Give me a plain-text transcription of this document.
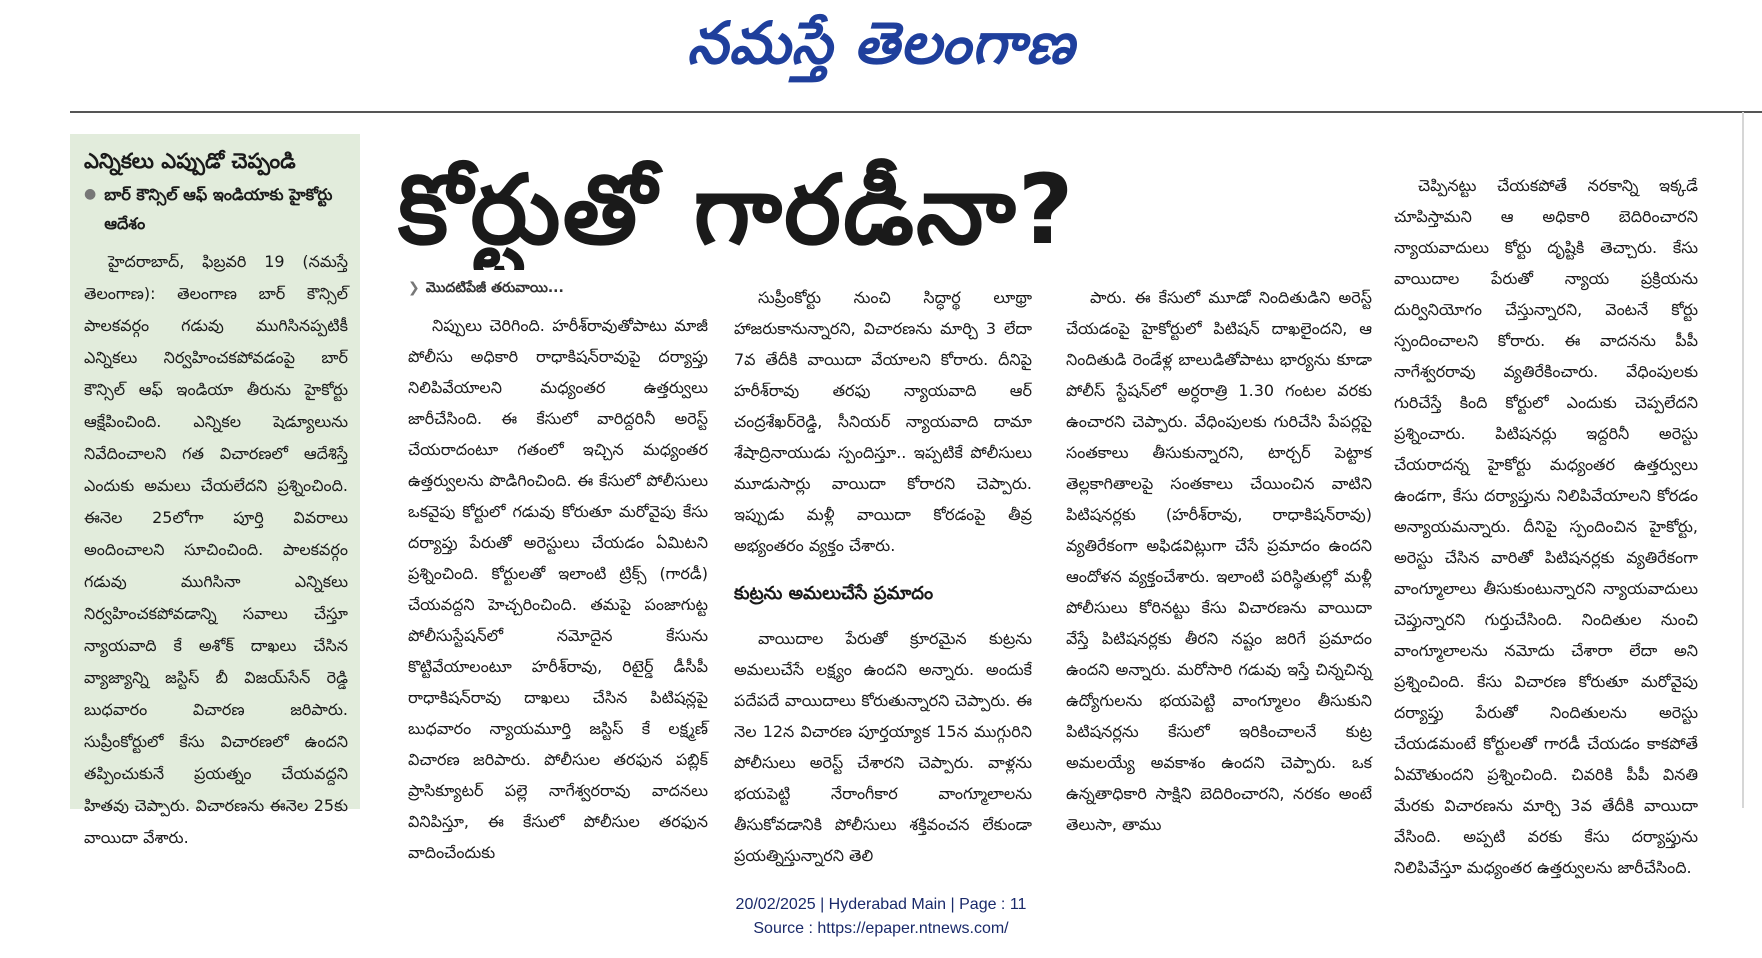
నమస్తే తెలంగాణ
ఎన్నికలు ఎప్పుడో చెప్పండి
● బార్‌ కౌన్సిల్‌ ఆఫ్‌ ఇండియాకు హైకోర్టు ఆదేశం
హైదరాబాద్‌, ఫిబ్రవరి 19 (నమస్తే తెలంగాణ): తెలంగాణ బార్‌ కౌన్సిల్‌ పాలకవర్గం గడువు ముగిసినప్పటికీ ఎన్నికలు నిర్వహించకపోవడంపై బార్‌ కౌన్సిల్‌ ఆఫ్‌ ఇండియా తీరును హైకోర్టు ఆక్షేపించింది. ఎన్నికల షెడ్యూలును నివేదించాలని గత విచారణలో ఆదేశిస్తే ఎందుకు అమలు చేయలేదని ప్రశ్నించింది. ఈనెల 25లోగా పూర్తి వివరాలు అందించాలని సూచించింది. పాలకవర్గం గడువు ముగిసినా ఎన్నికలు నిర్వహించకపోవడాన్ని సవాలు చేస్తూ న్యాయవాది కే అశోక్‌ దాఖలు చేసిన వ్యాజ్యాన్ని జస్టిస్‌ బీ విజయ్‌సేన్‌ రెడ్డి బుధవారం విచారణ జరిపారు. సుప్రీంకోర్టులో కేసు విచారణలో ఉందని తప్పించుకునే ప్రయత్నం చేయవద్దని హితవు చెప్పారు. విచారణను ఈనెల 25కు వాయిదా వేశారు.
కోర్టుతో గారడీనా?
❯ మొదటిపేజీ తరువాయి...

నిప్పులు చెరిగింది. హరీశ్‌రావుతోపాటు మాజీ పోలీసు అధికారి రాధాకిషన్‌రావుపై దర్యాప్తు నిలిపివేయాలని మధ్యంతర ఉత్తర్వులు జారీచేసింది. ఈ కేసులో వారిద్దరినీ అరెస్ట్‌ చేయరాదంటూ గతంలో ఇచ్చిన మధ్యంతర ఉత్తర్వులను పొడిగించింది. ఈ కేసులో పోలీసులు ఒకవైపు కోర్టులో గడువు కోరుతూ మరోవైపు కేసు దర్యాప్తు పేరుతో అరెస్టులు చేయడం ఏమిటని ప్రశ్నించింది. కోర్టులతో ఇలాంటి ట్రిక్స్‌ (గారడీ) చేయవద్దని హెచ్చరించింది. తమపై పంజాగుట్ట పోలీసుస్టేషన్‌లో నమోదైన కేసును కొట్టివేయాలంటూ హరీశ్‌రావు, రిటైర్డ్‌ డీసీపీ రాధాకిషన్‌రావు దాఖలు చేసిన పిటిషన్లపై బుధవారం న్యాయమూర్తి జస్టిస్‌ కే లక్ష్మణ్‌ విచారణ జరిపారు. పోలీసుల తరఫున పబ్లిక్‌ ప్రాసిక్యూటర్‌ పల్లె నాగేశ్వరరావు వాదనలు వినిపిస్తూ, ఈ కేసులో పోలీసుల తరఫున వాదించేందుకు

సుప్రీంకోర్టు నుంచి సిద్ధార్థ లూథ్రా హాజరుకానున్నారని, విచారణను మార్చి 3 లేదా 7వ తేదీకి వాయిదా వేయాలని కోరారు. దీనిపై హరీశ్‌రావు తరఫు న్యాయవాది ఆర్‌ చంద్రశేఖర్‌రెడ్డి, సీనియర్‌ న్యాయవాది దామా శేషాద్రినాయుడు స్పందిస్తూ.. ఇప్పటికే పోలీసులు మూడుసార్లు వాయిదా కోరారని చెప్పారు. ఇప్పుడు మళ్లీ వాయిదా కోరడంపై తీవ్ర అభ్యంతరం వ్యక్తం చేశారు.

కుట్రను అమలుచేసే ప్రమాదం

వాయిదాల పేరుతో క్రూరమైన కుట్రను అమలుచేసే లక్ష్యం ఉందని అన్నారు. అందుకే పదేపదే వాయిదాలు కోరుతున్నారని చెప్పారు. ఈ నెల 12న విచారణ పూర్తయ్యాక 15న ముగ్గురిని పోలీసులు అరెస్ట్‌ చేశారని చెప్పారు. వాళ్లను భయపెట్టి నేరాంగీకార వాంగ్మూలాలను తీసుకోవడానికి పోలీసులు శక్తివంచన లేకుండా ప్రయత్నిస్తున్నారని తెలి

పారు. ఈ కేసులో మూడో నిందితుడిని అరెస్ట్‌ చేయడంపై హైకోర్టులో పిటిషన్‌ దాఖలైందని, ఆ నిందితుడి రెండేళ్ల బాలుడితోపాటు భార్యను కూడా పోలీస్‌ స్టేషన్‌లో అర్ధరాత్రి 1.30 గంటల వరకు ఉంచారని చెప్పారు. వేధింపులకు గురిచేసి పేపర్లపై సంతకాలు తీసుకున్నారని, టార్చర్‌ పెట్టాక తెల్లకాగితాలపై సంతకాలు చేయించిన వాటిని పిటిషనర్లకు (హరీశ్‌రావు, రాధాకిషన్‌రావు) వ్యతిరేకంగా అఫిడవిట్లుగా చేసే ప్రమాదం ఉందని ఆందోళన వ్యక్తంచేశారు. ఇలాంటి పరిస్థితుల్లో మళ్లీ పోలీసులు కోరినట్టు కేసు విచారణను వాయిదా వేస్తే పిటిషనర్లకు తీరని నష్టం జరిగే ప్రమాదం ఉందని అన్నారు. మరోసారి గడువు ఇస్తే చిన్నచిన్న ఉద్యోగులను భయపెట్టి వాంగ్మూలం తీసుకుని పిటిషనర్లను కేసులో ఇరికించాలనే కుట్ర అమలయ్యే అవకాశం ఉందని చెప్పారు. ఒక ఉన్నతాధికారి సాక్షిని బెదిరించారని, నరకం అంటే తెలుసా, తాము

చెప్పినట్టు చేయకపోతే నరకాన్ని ఇక్కడే చూపిస్తామని ఆ అధికారి బెదిరించారని న్యాయవాదులు కోర్టు దృష్టికి తెచ్చారు. కేసు వాయిదాల పేరుతో న్యాయ ప్రక్రియను దుర్వినియోగం చేస్తున్నారని, వెంటనే కోర్టు స్పందించాలని కోరారు. ఈ వాదనను పీపీ నాగేశ్వరరావు వ్యతిరేకించారు. వేధింపులకు గురిచేస్తే కింది కోర్టులో ఎందుకు చెప్పలేదని ప్రశ్నించారు. పిటిషనర్లు ఇద్దరినీ అరెస్టు చేయరాదన్న హైకోర్టు మధ్యంతర ఉత్తర్వులు ఉండగా, కేసు దర్యాప్తును నిలిపివేయాలని కోరడం అన్యాయమన్నారు. దీనిపై స్పందించిన హైకోర్టు, అరెస్టు చేసిన వారితో పిటిషనర్లకు వ్యతిరేకంగా వాంగ్మూలాలు తీసుకుంటున్నారని న్యాయవాదులు చెప్తున్నారని గుర్తుచేసింది. నిందితుల నుంచి వాంగ్మూలాలను నమోదు చేశారా లేదా అని ప్రశ్నించింది. కేసు విచారణ కోరుతూ మరోవైపు దర్యాప్తు పేరుతో నిందితులను అరెస్టు చేయడమంటే కోర్టులతో గారడీ చేయడం కాకపోతే ఏమౌతుందని ప్రశ్నించింది. చివరికి పీపీ వినతి మేరకు విచారణను మార్చి 3వ తేదీకి వాయిదా వేసింది. అప్పటి వరకు కేసు దర్యాప్తును నిలిపివేస్తూ మధ్యంతర ఉత్తర్వులను జారీచేసింది.

20/02/2025 | Hyderabad Main | Page : 11
Source : https://epaper.ntnews.com/
